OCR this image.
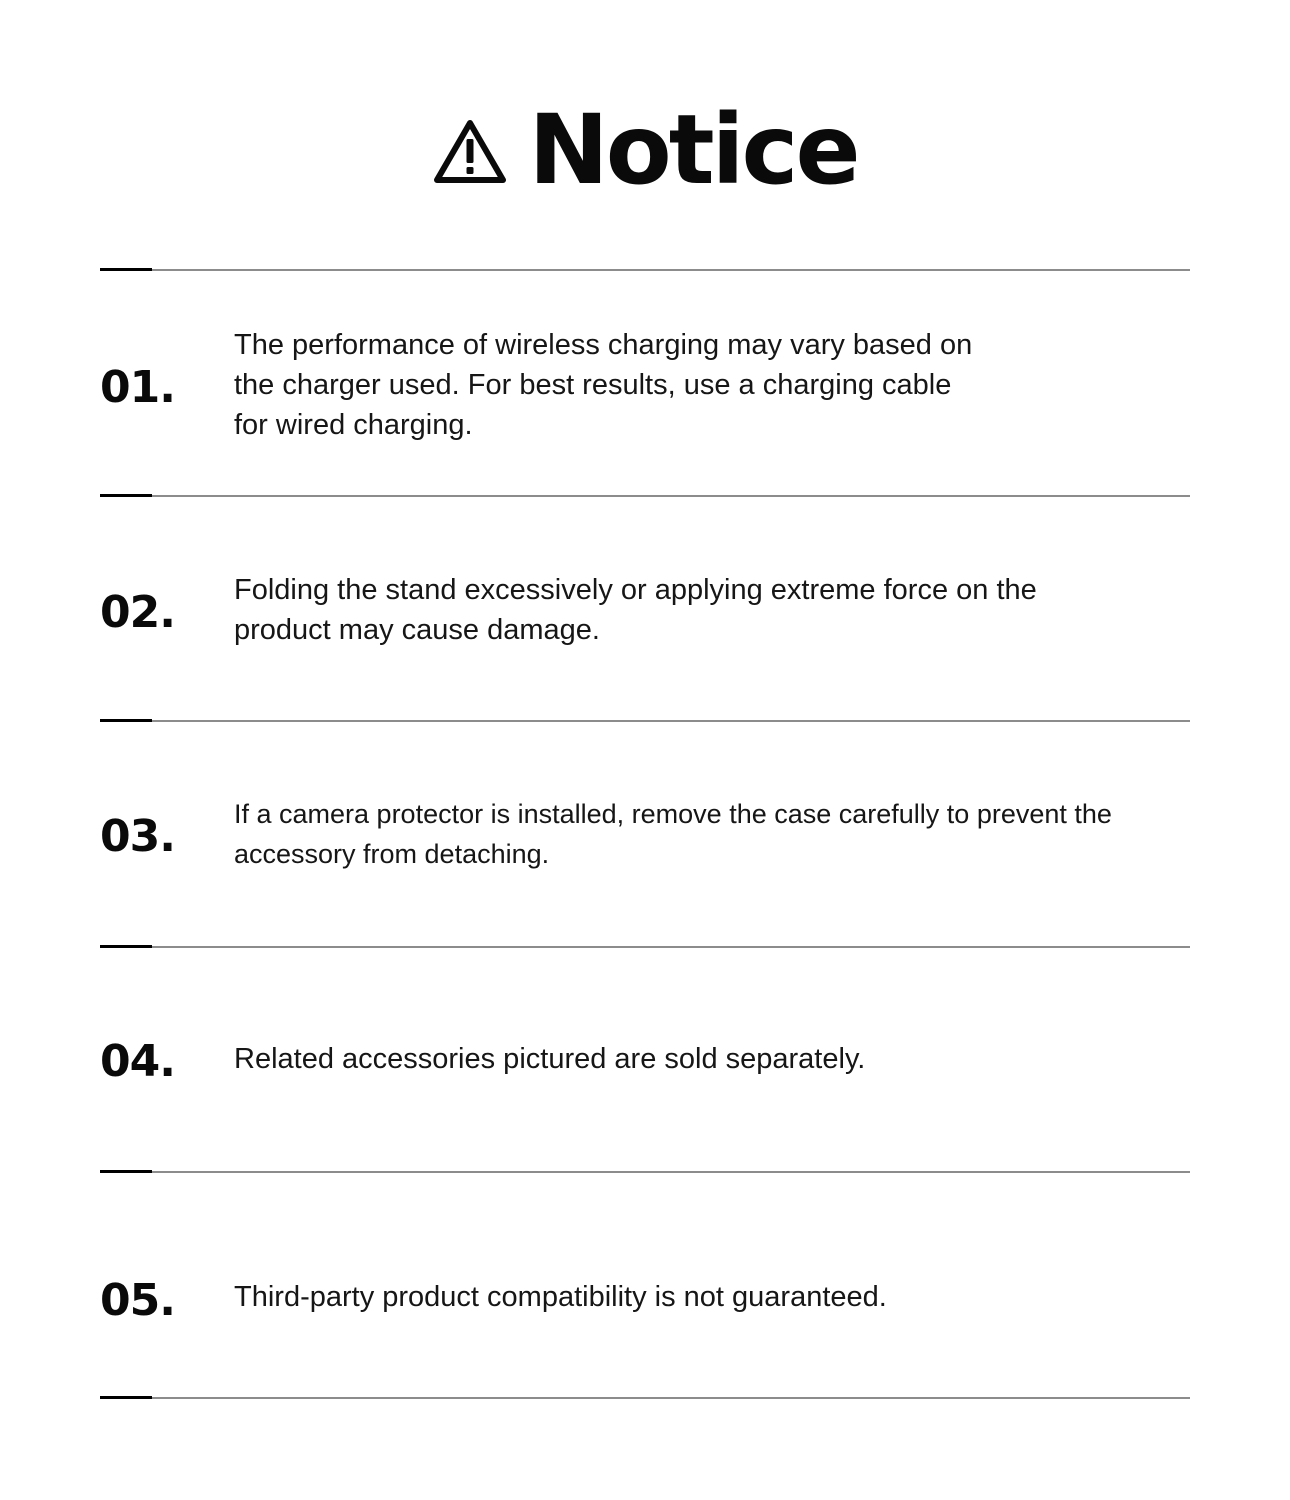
Notice
01.
The performance of wireless charging may vary based on
the charger used. For best results, use a charging cable
for wired charging.
02. Folding the stand excessively or applying extreme force on the
product may cause damage.
03. If a camera protector is installed, remove the case carefully to prevent the
accessory from detaching.
04. Related accessories pictured are sold separately.
05. Third-party product compatibility is not guaranteed.
